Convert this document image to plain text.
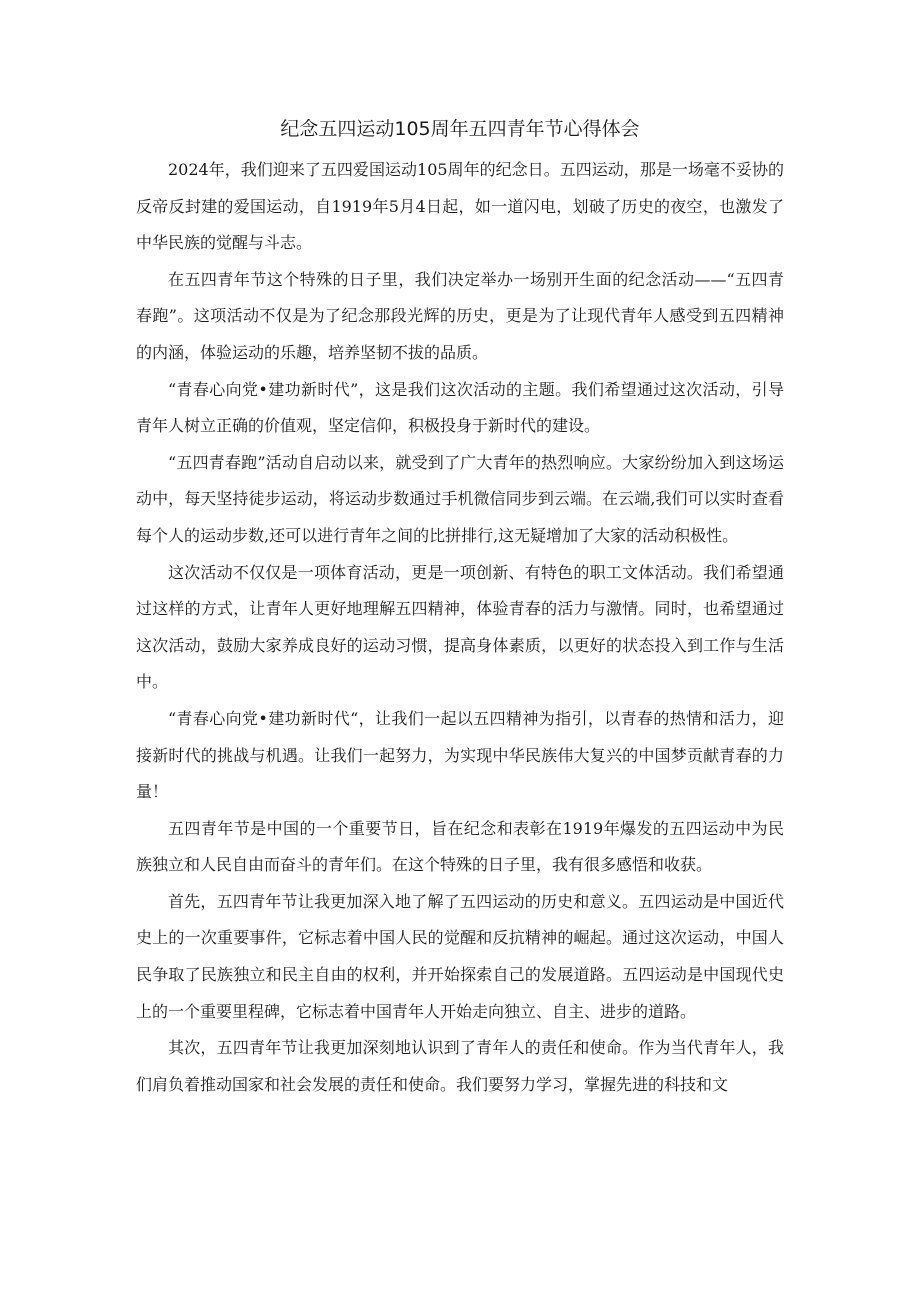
纪念五四运动105周年五四青年节心得体会

2024年，我们迎来了五四爱国运动105周年的纪念日。五四运动，那是一场毫不妥协的反帝反封建的爱国运动，自1919年5月4日起，如一道闪电，划破了历史的夜空，也激发了中华民族的觉醒与斗志。

在五四青年节这个特殊的日子里，我们决定举办一场别开生面的纪念活动——“五四青春跑”。这项活动不仅是为了纪念那段光辉的历史，更是为了让现代青年人感受到五四精神的内涵，体验运动的乐趣，培养坚韧不拔的品质。

“青春心向党•建功新时代”，这是我们这次活动的主题。我们希望通过这次活动，引导青年人树立正确的价值观，坚定信仰，积极投身于新时代的建设。

“五四青春跑”活动自启动以来，就受到了广大青年的热烈响应。大家纷纷加入到这场运动中，每天坚持徒步运动，将运动步数通过手机微信同步到云端。在云端,我们可以实时查看每个人的运动步数,还可以进行青年之间的比拼排行,这无疑增加了大家的活动积极性。

这次活动不仅仅是一项体育活动，更是一项创新、有特色的职工文体活动。我们希望通过这样的方式，让青年人更好地理解五四精神，体验青春的活力与激情。同时，也希望通过这次活动，鼓励大家养成良好的运动习惯，提高身体素质，以更好的状态投入到工作与生活中。

“青春心向党•建功新时代“，让我们一起以五四精神为指引，以青春的热情和活力，迎接新时代的挑战与机遇。让我们一起努力，为实现中华民族伟大复兴的中国梦贡献青春的力量！

五四青年节是中国的一个重要节日，旨在纪念和表彰在1919年爆发的五四运动中为民族独立和人民自由而奋斗的青年们。在这个特殊的日子里，我有很多感悟和收获。

首先，五四青年节让我更加深入地了解了五四运动的历史和意义。五四运动是中国近代史上的一次重要事件，它标志着中国人民的觉醒和反抗精神的崛起。通过这次运动，中国人民争取了民族独立和民主自由的权利，并开始探索自己的发展道路。五四运动是中国现代史上的一个重要里程碑，它标志着中国青年人开始走向独立、自主、进步的道路。

其次，五四青年节让我更加深刻地认识到了青年人的责任和使命。作为当代青年人，我们肩负着推动国家和社会发展的责任和使命。我们要努力学习，掌握先进的科技和文
